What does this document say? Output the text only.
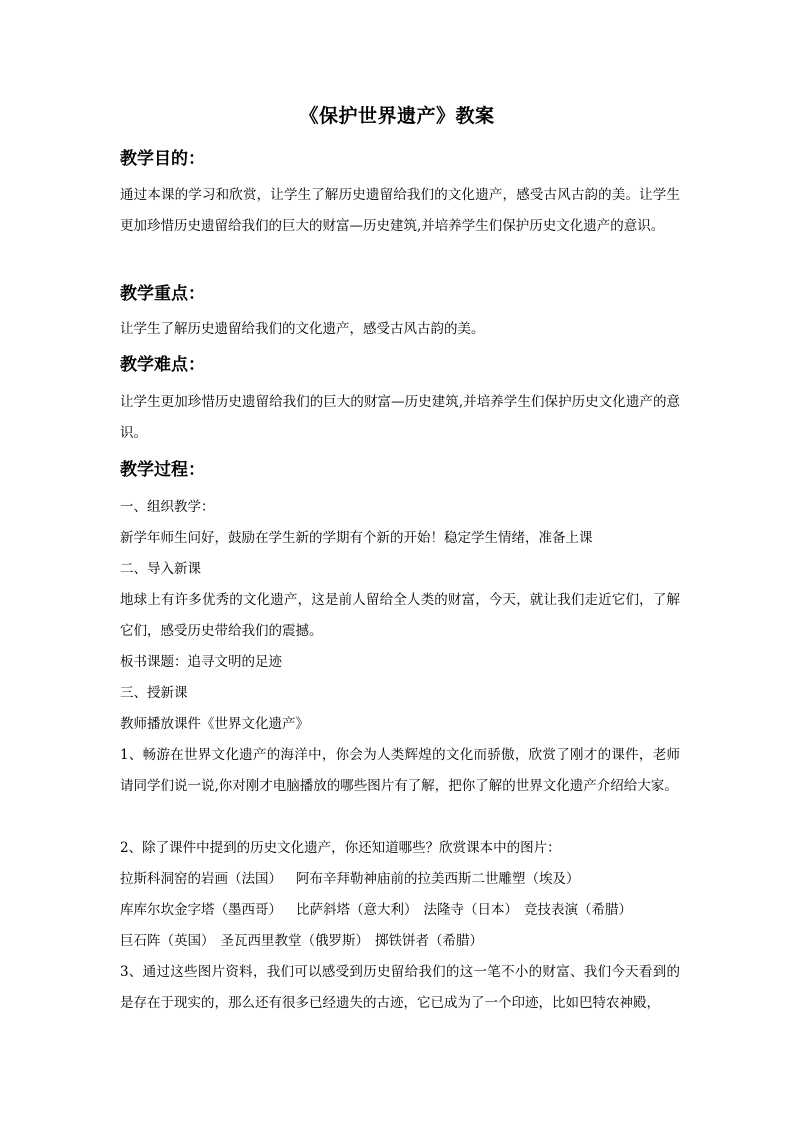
《保护世界遗产》教案
教学目的：
通过本课的学习和欣赏，让学生了解历史遗留给我们的文化遗产，感受古风古韵的美。让学生更加珍惜历史遗留给我们的巨大的财富—历史建筑,并培养学生们保护历史文化遗产的意识。
教学重点：
让学生了解历史遗留给我们的文化遗产，感受古风古韵的美。
教学难点：
让学生更加珍惜历史遗留给我们的巨大的财富—历史建筑,并培养学生们保护历史文化遗产的意识。
教学过程：
一、组织教学：
新学年师生问好，鼓励在学生新的学期有个新的开始！稳定学生情绪，准备上课
二、导入新课
地球上有许多优秀的文化遗产，这是前人留给全人类的财富，今天，就让我们走近它们，了解它们，感受历史带给我们的震撼。
板书课题：追寻文明的足迹
三、授新课
教师播放课件《世界文化遗产》
1、畅游在世界文化遗产的海洋中，你会为人类辉煌的文化而骄傲，欣赏了刚才的课件，老师请同学们说一说,你对刚才电脑播放的哪些图片有了解，把你了解的世界文化遗产介绍给大家。
2、除了课件中提到的历史文化遗产，你还知道哪些？欣赏课本中的图片：
拉斯科洞窑的岩画（法国） 阿布辛拜勒神庙前的拉美西斯二世雕塑（埃及）
库库尔坎金字塔（墨西哥） 比萨斜塔（意大利） 法隆寺（日本） 竞技表演（希腊）
巨石阵（英国） 圣瓦西里教堂（俄罗斯） 掷铁饼者（希腊）
3、通过这些图片资料，我们可以感受到历史留给我们的这一笔不小的财富、我们今天看到的是存在于现实的，那么还有很多已经遗失的古迹，它已成为了一个印迹，比如巴特农神殿，
